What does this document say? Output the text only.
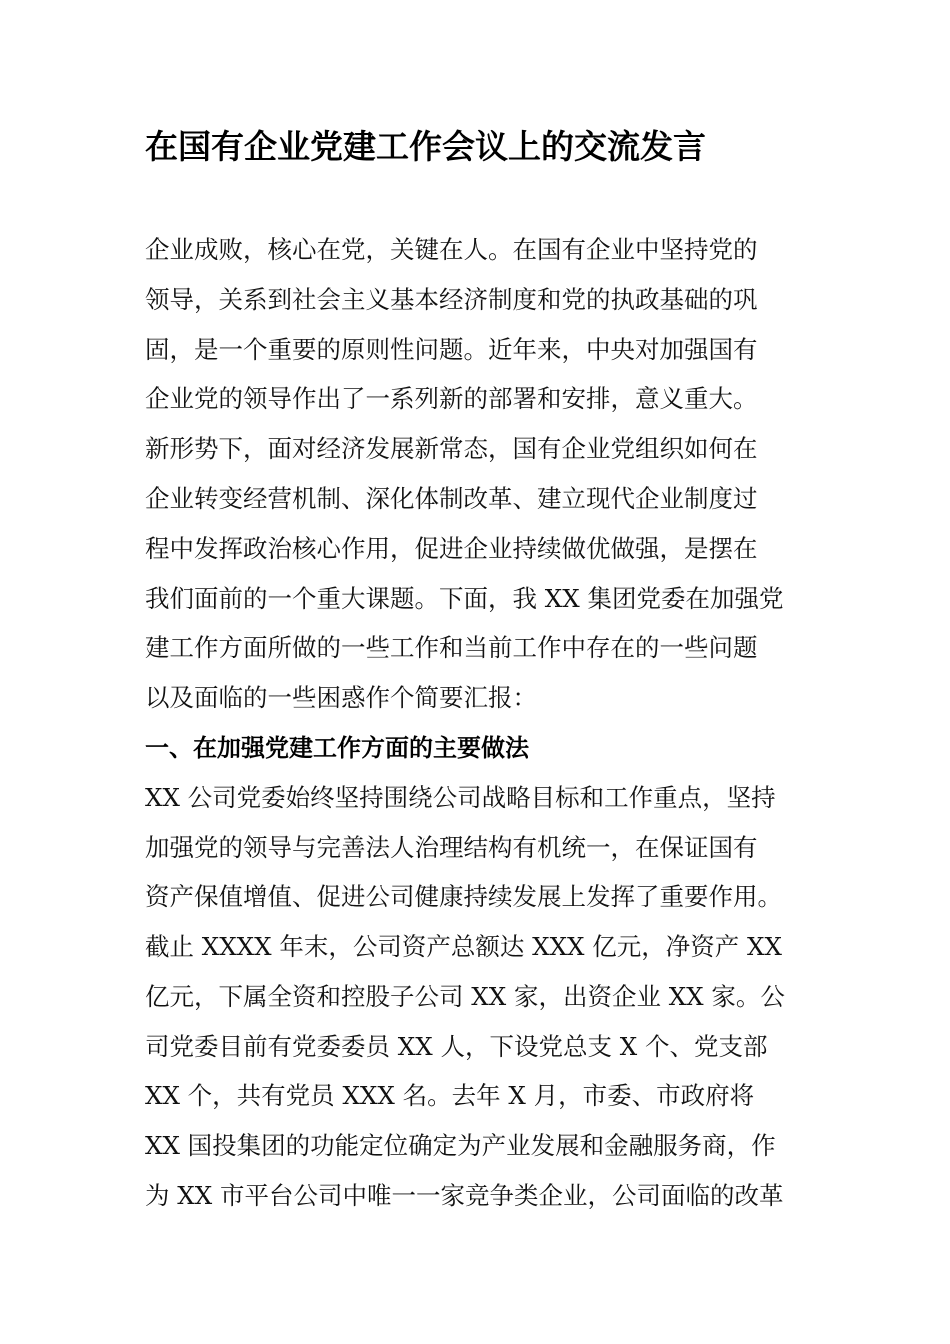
在国有企业党建工作会议上的交流发言
企业成败，核心在党，关键在人。在国有企业中坚持党的
领导，关系到社会主义基本经济制度和党的执政基础的巩
固，是一个重要的原则性问题。近年来，中央对加强国有
企业党的领导作出了一系列新的部署和安排，意义重大。
新形势下，面对经济发展新常态，国有企业党组织如何在
企业转变经营机制、深化体制改革、建立现代企业制度过
程中发挥政治核心作用，促进企业持续做优做强，是摆在
我们面前的一个重大课题。下面，我 XX 集团党委在加强党
建工作方面所做的一些工作和当前工作中存在的一些问题
以及面临的一些困惑作个简要汇报：
一、在加强党建工作方面的主要做法
XX 公司党委始终坚持围绕公司战略目标和工作重点，坚持
加强党的领导与完善法人治理结构有机统一，在保证国有
资产保值增值、促进公司健康持续发展上发挥了重要作用。
截止 XXXX 年末，公司资产总额达 XXX 亿元，净资产 XX
亿元，下属全资和控股子公司 XX 家，出资企业 XX 家。公
司党委目前有党委委员 XX 人，下设党总支 X 个、党支部
XX 个，共有党员 XXX 名。去年 X 月，市委、市政府将
XX 国投集团的功能定位确定为产业发展和金融服务商，作
为 XX 市平台公司中唯一一家竞争类企业，公司面临的改革
